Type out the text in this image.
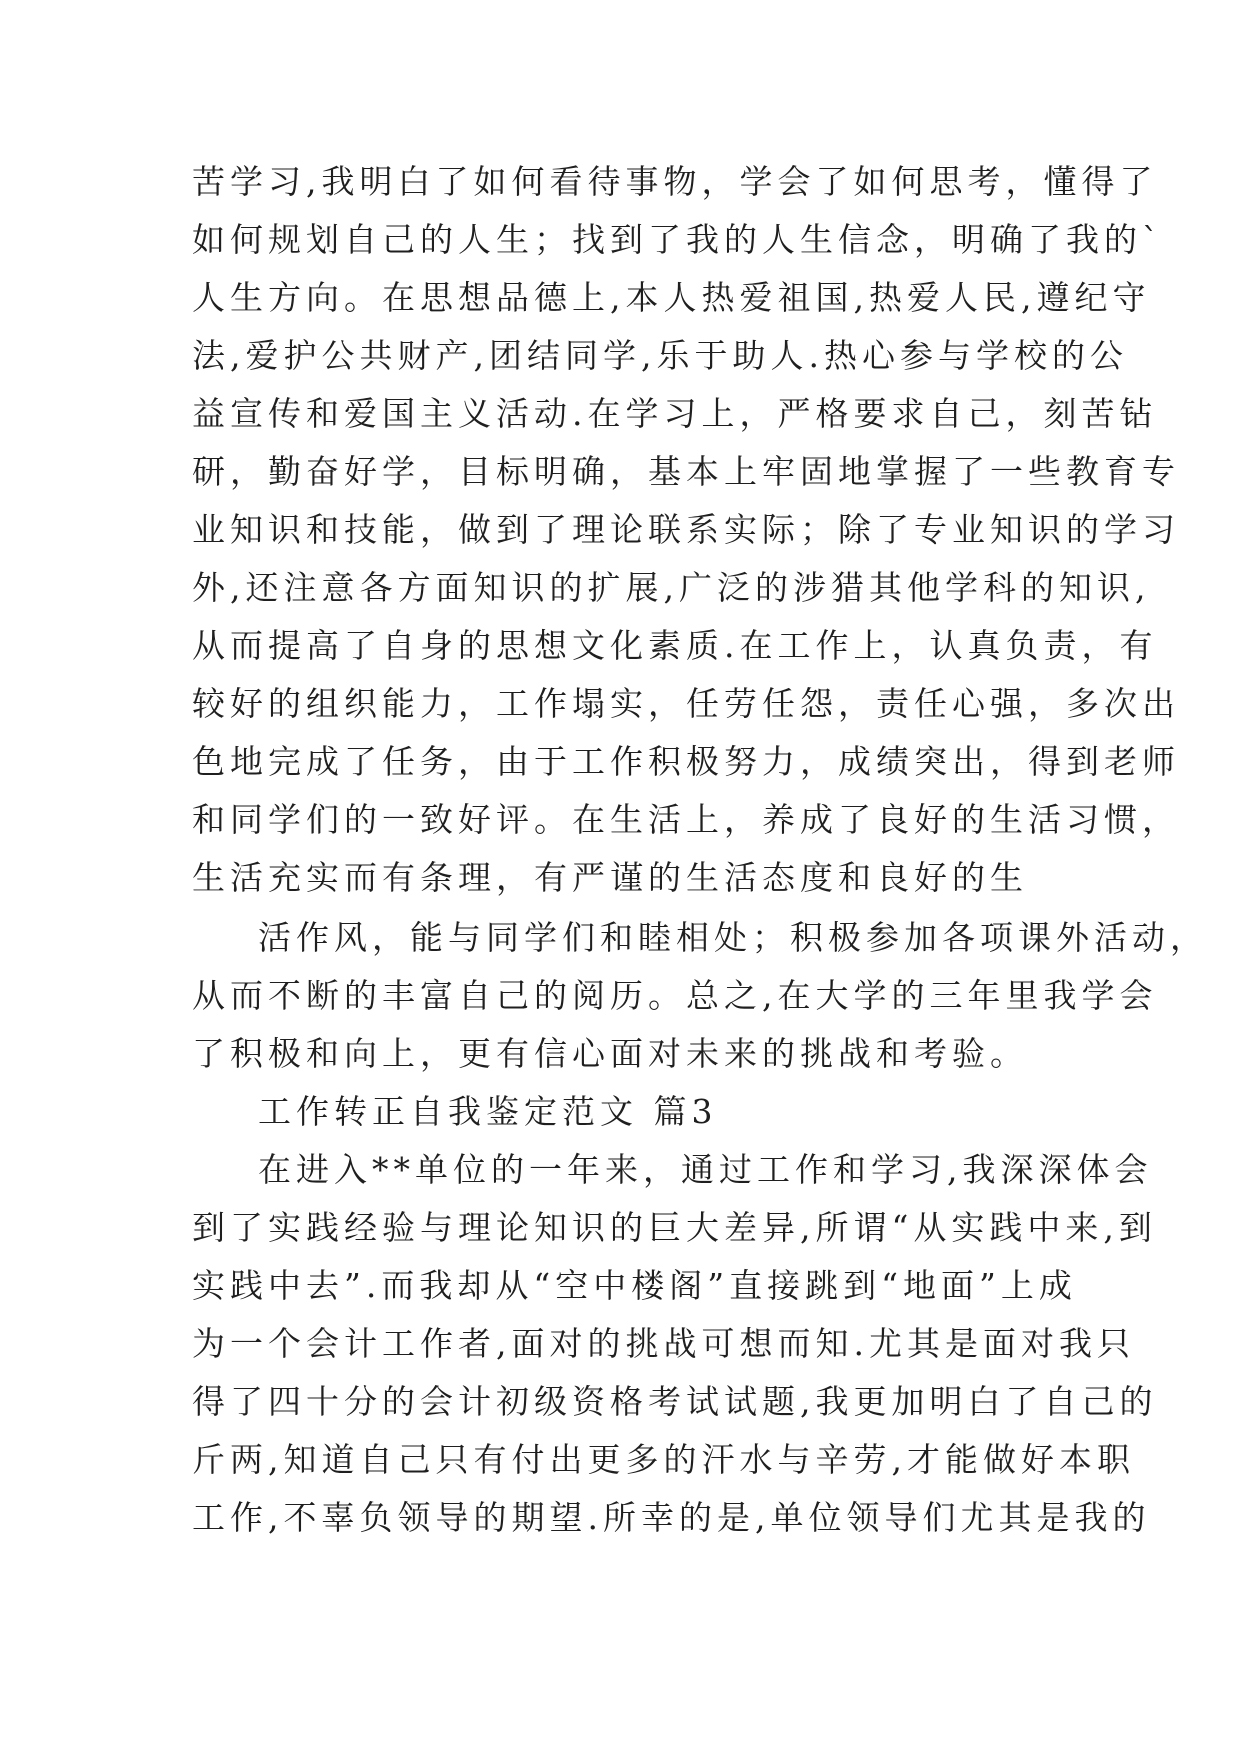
苦学习,我明白了如何看待事物，学会了如何思考，懂得了
如何规划自己的人生；找到了我的人生信念，明确了我的`
人生方向。在思想品德上,本人热爱祖国,热爱人民,遵纪守
法,爱护公共财产,团结同学,乐于助人.热心参与学校的公
益宣传和爱国主义活动.在学习上，严格要求自己，刻苦钻
研，勤奋好学，目标明确，基本上牢固地掌握了一些教育专
业知识和技能，做到了理论联系实际；除了专业知识的学习
外,还注意各方面知识的扩展,广泛的涉猎其他学科的知识,
从而提高了自身的思想文化素质.在工作上，认真负责，有
较好的组织能力，工作塌实，任劳任怨，责任心强，多次出
色地完成了任务，由于工作积极努力，成绩突出，得到老师
和同学们的一致好评。在生活上，养成了良好的生活习惯，
生活充实而有条理，有严谨的生活态度和良好的生
活作风，能与同学们和睦相处；积极参加各项课外活动，
从而不断的丰富自己的阅历。总之,在大学的三年里我学会
了积极和向上，更有信心面对未来的挑战和考验。
工作转正自我鉴定范文 篇3
在进入**单位的一年来，通过工作和学习,我深深体会
到了实践经验与理论知识的巨大差异,所谓“从实践中来,到
实践中去”.而我却从“空中楼阁”直接跳到“地面”上成
为一个会计工作者,面对的挑战可想而知.尤其是面对我只
得了四十分的会计初级资格考试试题,我更加明白了自己的
斤两,知道自己只有付出更多的汗水与辛劳,才能做好本职
工作,不辜负领导的期望.所幸的是,单位领导们尤其是我的
